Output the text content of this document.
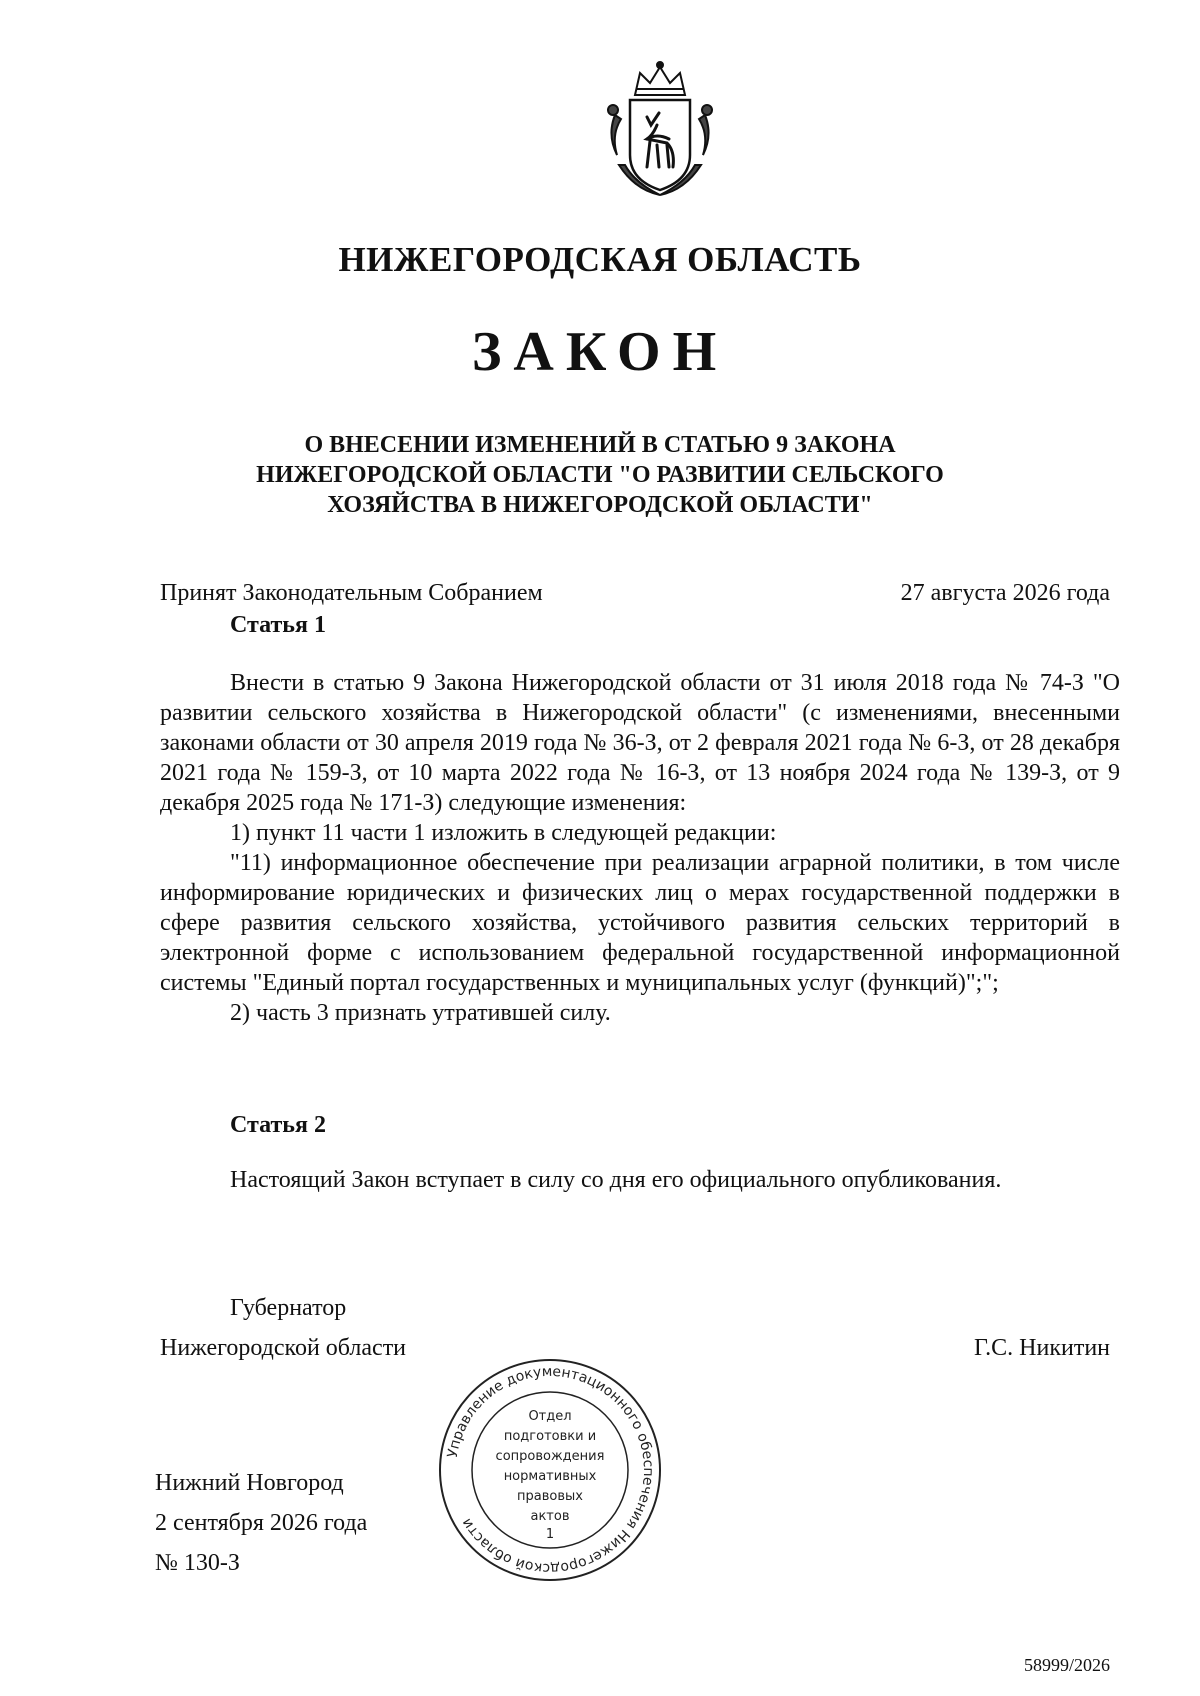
НИЖЕГОРОДСКАЯ ОБЛАСТЬ
ЗАКОН
О ВНЕСЕНИИ ИЗМЕНЕНИЙ В СТАТЬЮ 9 ЗАКОНА
НИЖЕГОРОДСКОЙ ОБЛАСТИ "О РАЗВИТИИ СЕЛЬСКОГО
ХОЗЯЙСТВА В НИЖЕГОРОДСКОЙ ОБЛАСТИ"
Принят Законодательным Собранием	27 августа 2026 года
Статья 1

Внести в статью 9 Закона Нижегородской области от 31 июля 2018 года № 74-З "О развитии сельского хозяйства в Нижегородской области" (с изменениями, внесенными законами области от 30 апреля 2019 года № 36-З, от 2 февраля 2021 года № 6-З, от 28 декабря 2021 года № 159-З, от 10 марта 2022 года № 16-З, от 13 ноября 2024 года № 139-З, от 9 декабря 2025 года № 171-З) следующие изменения:

1) пункт 11 части 1 изложить в следующей редакции:

"11) информационное обеспечение при реализации аграрной политики, в том числе информирование юридических и физических лиц о мерах государственной поддержки в сфере развития сельского хозяйства, устойчивого развития сельских территорий в электронной форме с использованием федеральной государственной информационной системы "Единый портал государственных и муниципальных услуг (функций)";";

2) часть 3 признать утратившей силу.

Статья 2

Настоящий Закон вступает в силу со дня его официального опубликования.

Губернатор
Нижегородской области	Г.С. Никитин
Нижний Новгород
2 сентября 2026 года
№ 130-З
Управление документационного обеспечения Нижегородской области
Отдел
подготовки и
сопровождения
нормативных
правовых
актов
1
58999/2026
